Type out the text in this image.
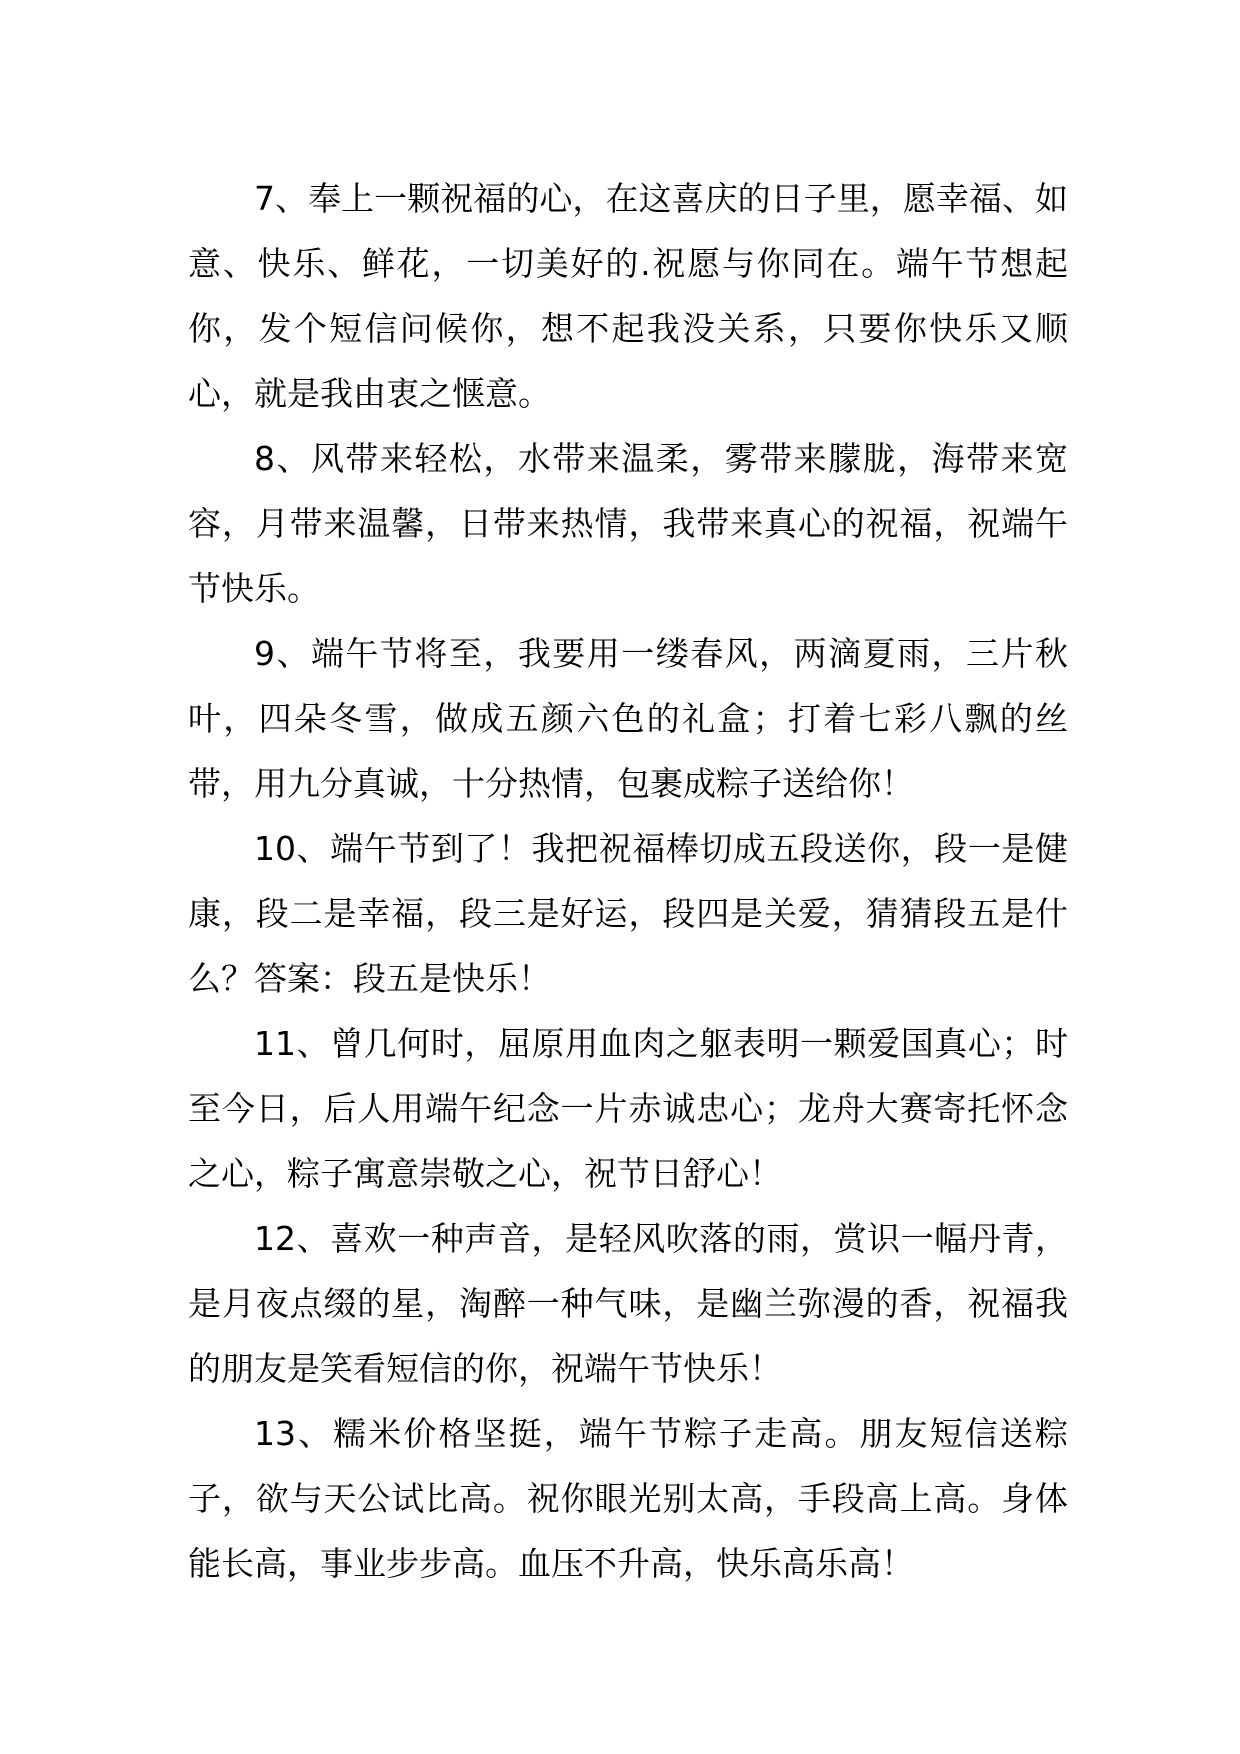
7、奉上一颗祝福的心，在这喜庆的日子里，愿幸福、如意、快乐、鲜花，一切美好的.祝愿与你同在。端午节想起你，发个短信问候你，想不起我没关系，只要你快乐又顺心，就是我由衷之惬意。

8、风带来轻松，水带来温柔，雾带来朦胧，海带来宽容，月带来温馨，日带来热情，我带来真心的祝福，祝端午节快乐。

9、端午节将至，我要用一缕春风，两滴夏雨，三片秋叶，四朵冬雪，做成五颜六色的礼盒；打着七彩八飘的丝带，用九分真诚，十分热情，包裹成粽子送给你！

10、端午节到了！我把祝福棒切成五段送你，段一是健康，段二是幸福，段三是好运，段四是关爱，猜猜段五是什么？答案：段五是快乐！

11、曾几何时，屈原用血肉之躯表明一颗爱国真心；时至今日，后人用端午纪念一片赤诚忠心；龙舟大赛寄托怀念之心，粽子寓意崇敬之心，祝节日舒心！

12、喜欢一种声音，是轻风吹落的雨，赏识一幅丹青，是月夜点缀的星，淘醉一种气味，是幽兰弥漫的香，祝福我的朋友是笑看短信的你，祝端午节快乐！

13、糯米价格坚挺，端午节粽子走高。朋友短信送粽子，欲与天公试比高。祝你眼光别太高，手段高上高。身体能长高，事业步步高。血压不升高，快乐高乐高！
